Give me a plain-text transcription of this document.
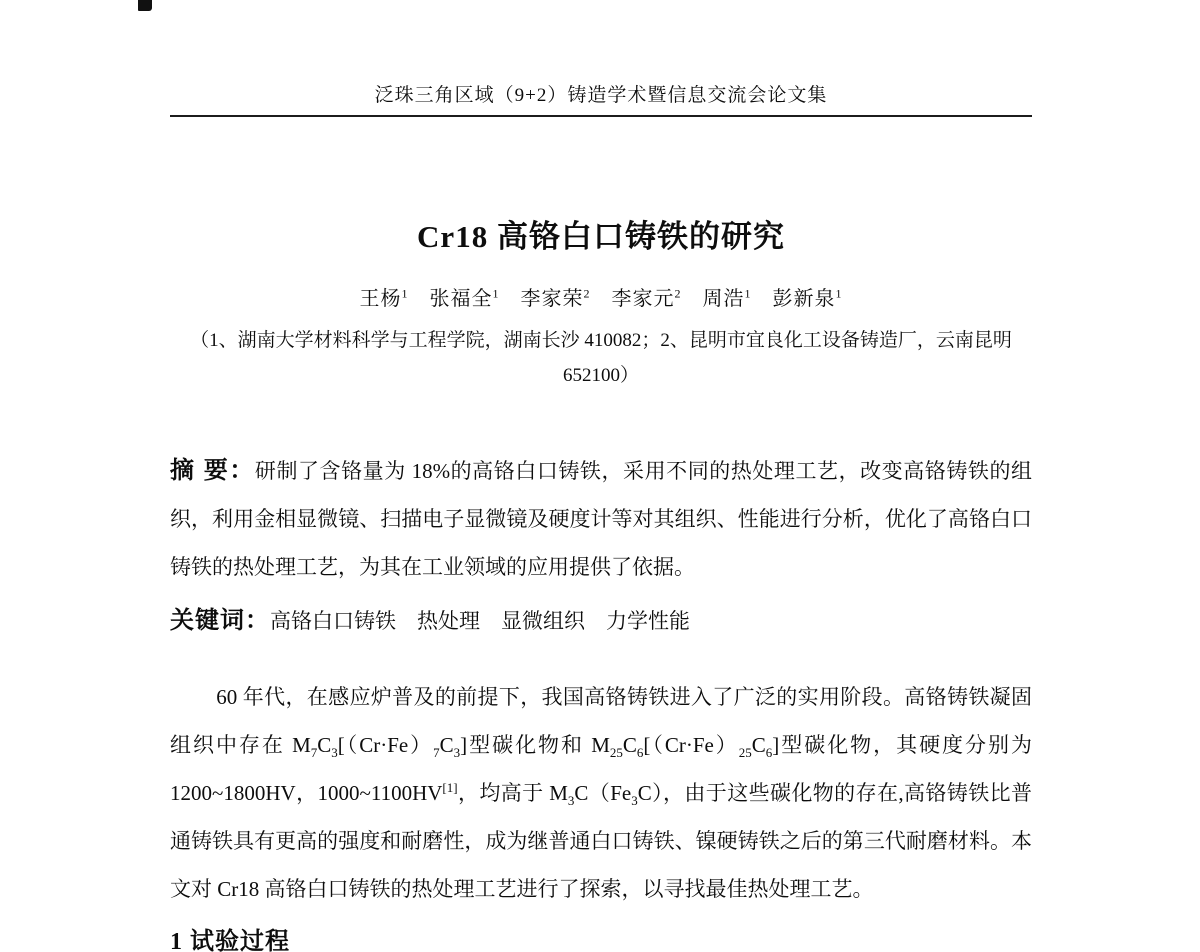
泛珠三角区域（9+2）铸造学术暨信息交流会论文集
Cr18 高铬白口铸铁的研究
王杨$^1$　张福全$^1$　李家荣$^2$　李家元$^2$　周浩$^1$　彭新泉$^1$
（1、湖南大学材料科学与工程学院，湖南长沙 410082；2、昆明市宜良化工设备铸造厂，云南昆明
652100）

摘 要：研制了含铬量为 18%的高铬白口铸铁，采用不同的热处理工艺，改变高铬铸铁的组织，利用金相显微镜、扫描电子显微镜及硬度计等对其组织、性能进行分析，优化了高铬白口铸铁的热处理工艺，为其在工业领域的应用提供了依据。

关键词：高铬白口铸铁　热处理　显微组织　力学性能

60 年代，在感应炉普及的前提下，我国高铬铸铁进入了广泛的实用阶段。高铬铸铁凝固组织中存在 $M_7C_3[(Cr\cdot Fe)_7C_3]$型碳化物和 $M_{25}C_6[(Cr\cdot Fe)_{25}C_6]$型碳化物，其硬度分别为 1200~1800HV，1000~1100HV[1]，均高于 $M_3C(Fe_3C)$，由于这些碳化物的存在,高铬铸铁比普通铸铁具有更高的强度和耐磨性，成为继普通白口铸铁、镍硬铸铁之后的第三代耐磨材料。本文对 Cr18 高铬白口铸铁的热处理工艺进行了探索，以寻找最佳热处理工艺。

1 试验过程
